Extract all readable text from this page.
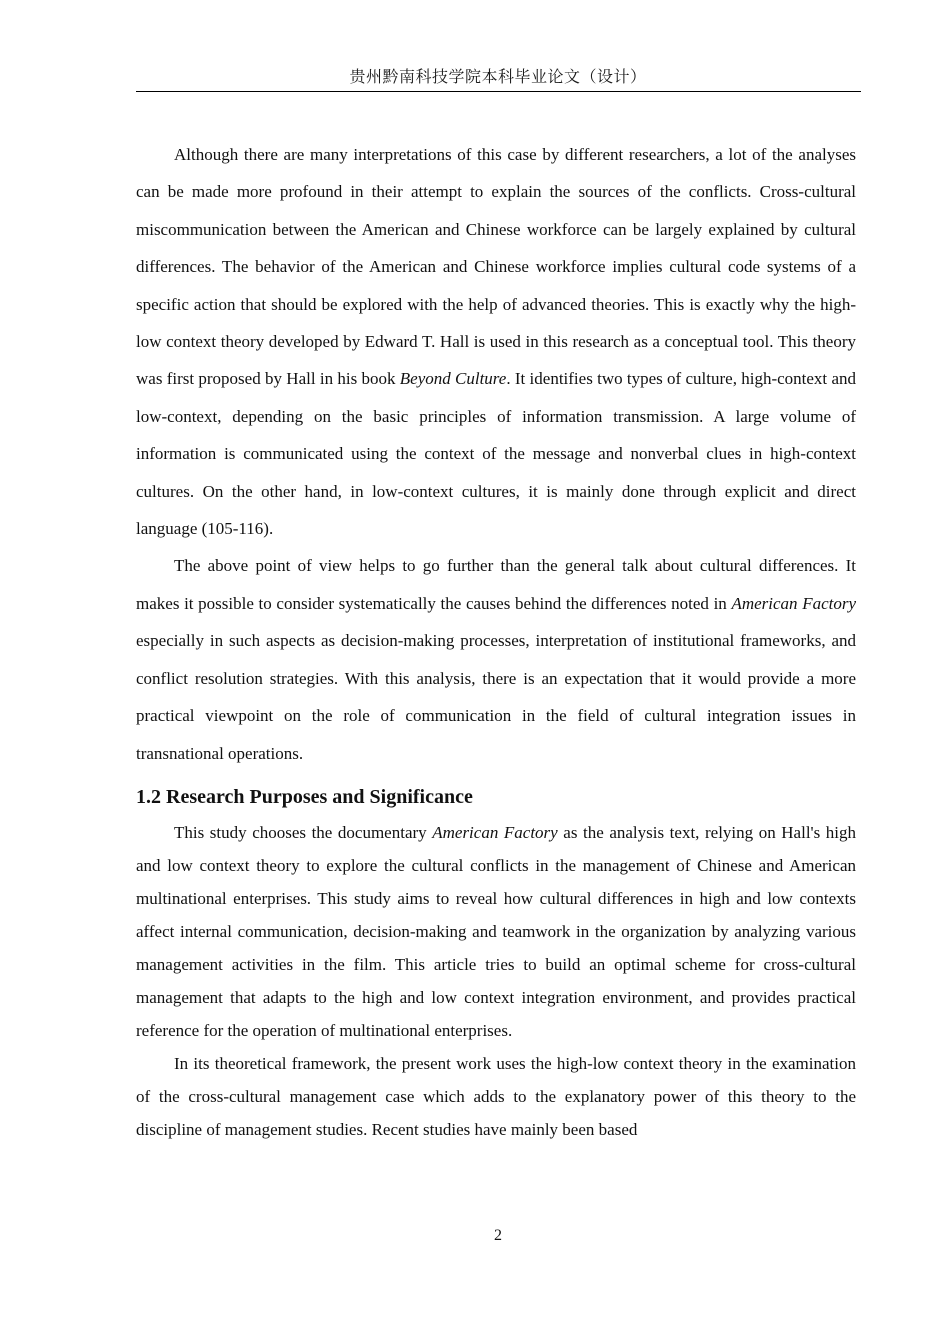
贵州黔南科技学院本科毕业论文（设计）

Although there are many interpretations of this case by different researchers, a lot of the analyses can be made more profound in their attempt to explain the sources of the conflicts. Cross-cultural miscommunication between the American and Chinese workforce can be largely explained by cultural differences. The behavior of the American and Chinese workforce implies cultural code systems of a specific action that should be explored with the help of advanced theories. This is exactly why the high-low context theory developed by Edward T. Hall is used in this research as a conceptual tool. This theory was first proposed by Hall in his book Beyond Culture. It identifies two types of culture, high-context and low-context, depending on the basic principles of information transmission. A large volume of information is communicated using the context of the message and nonverbal clues in high-context cultures. On the other hand, in low-context cultures, it is mainly done through explicit and direct language (105-116).

The above point of view helps to go further than the general talk about cultural differences. It makes it possible to consider systematically the causes behind the differences noted in American Factory especially in such aspects as decision-making processes, interpretation of institutional frameworks, and conflict resolution strategies. With this analysis, there is an expectation that it would provide a more practical viewpoint on the role of communication in the field of cultural integration issues in transnational operations.

1.2 Research Purposes and Significance

This study chooses the documentary American Factory as the analysis text, relying on Hall's high and low context theory to explore the cultural conflicts in the management of Chinese and American multinational enterprises. This study aims to reveal how cultural differences in high and low contexts affect internal communication, decision-making and teamwork in the organization by analyzing various management activities in the film. This article tries to build an optimal scheme for cross-cultural management that adapts to the high and low context integration environment, and provides practical reference for the operation of multinational enterprises.

In its theoretical framework, the present work uses the high-low context theory in the examination of the cross-cultural management case which adds to the explanatory power of this theory to the discipline of management studies. Recent studies have mainly been based

2
